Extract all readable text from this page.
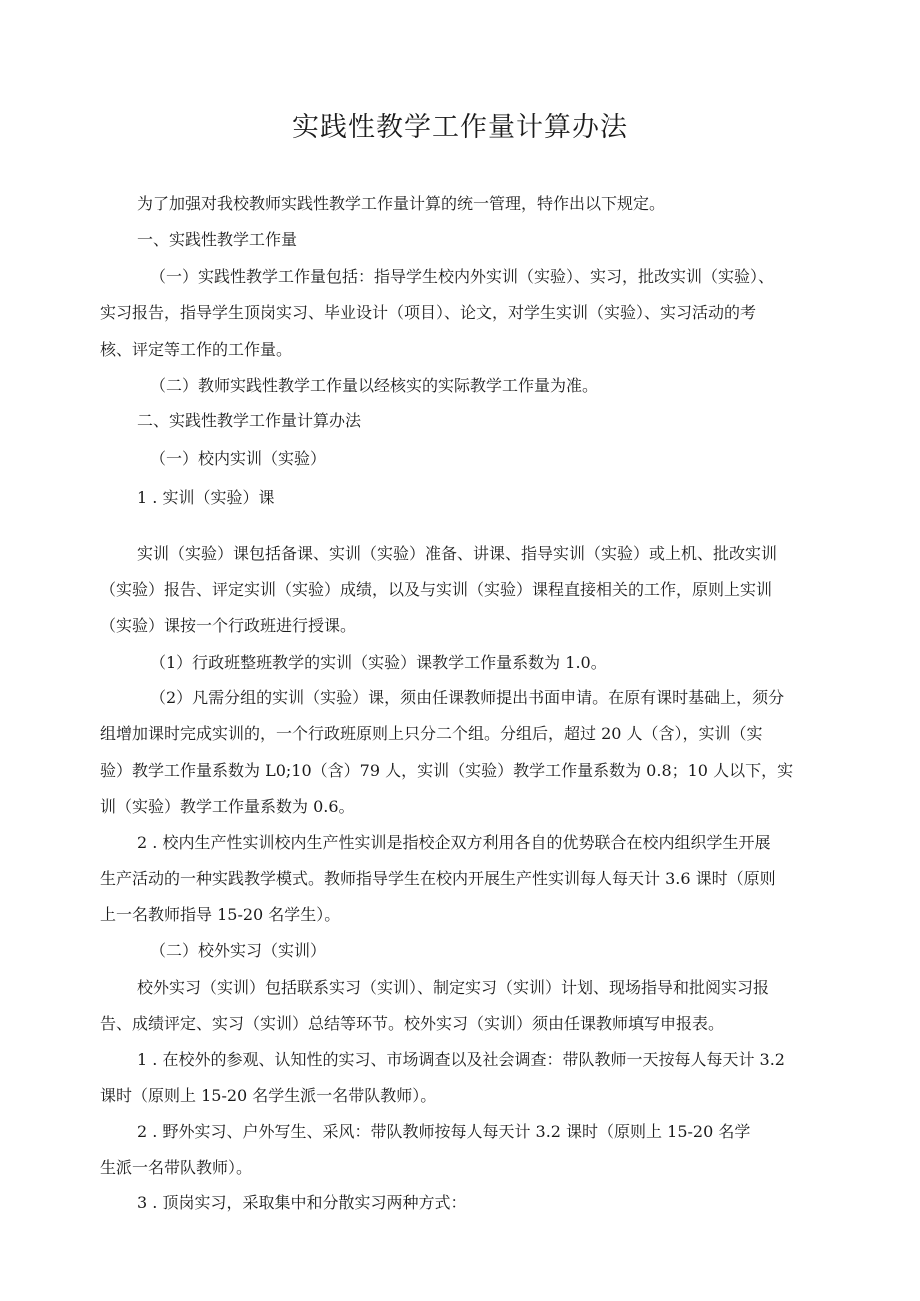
实践性教学工作量计算办法
为了加强对我校教师实践性教学工作量计算的统一管理，特作出以下规定。
一、实践性教学工作量
（一）实践性教学工作量包括：指导学生校内外实训（实验）、实习，批改实训（实验）、
实习报告，指导学生顶岗实习、毕业设计（项目）、论文，对学生实训（实验）、实习活动的考
核、评定等工作的工作量。
（二）教师实践性教学工作量以经核实的实际教学工作量为准。
二、实践性教学工作量计算办法
（一）校内实训（实验）
1 . 实训（实验）课
实训（实验）课包括备课、实训（实验）准备、讲课、指导实训（实验）或上机、批改实训
（实验）报告、评定实训（实验）成绩，以及与实训（实验）课程直接相关的工作，原则上实训
（实验）课按一个行政班进行授课。
（1）行政班整班教学的实训（实验）课教学工作量系数为 1.0。
（2）凡需分组的实训（实验）课，须由任课教师提出书面申请。在原有课时基础上，须分
组增加课时完成实训的，一个行政班原则上只分二个组。分组后，超过 20 人（含），实训（实
验）教学工作量系数为 L0;10（含）79 人，实训（实验）教学工作量系数为 0.8；10 人以下，实
训（实验）教学工作量系数为 0.6。
2 . 校内生产性实训校内生产性实训是指校企双方利用各自的优势联合在校内组织学生开展
生产活动的一种实践教学模式。教师指导学生在校内开展生产性实训每人每天计 3.6 课时（原则
上一名教师指导 15-20 名学生）。
（二）校外实习（实训）
校外实习（实训）包括联系实习（实训）、制定实习（实训）计划、现场指导和批阅实习报
告、成绩评定、实习（实训）总结等环节。校外实习（实训）须由任课教师填写申报表。
1 . 在校外的参观、认知性的实习、市场调查以及社会调查：带队教师一天按每人每天计 3.2
课时（原则上 15-20 名学生派一名带队教师）。
2 . 野外实习、户外写生、采风：带队教师按每人每天计 3.2 课时（原则上 15-20 名学
生派一名带队教师）。
3 . 顶岗实习，采取集中和分散实习两种方式：
